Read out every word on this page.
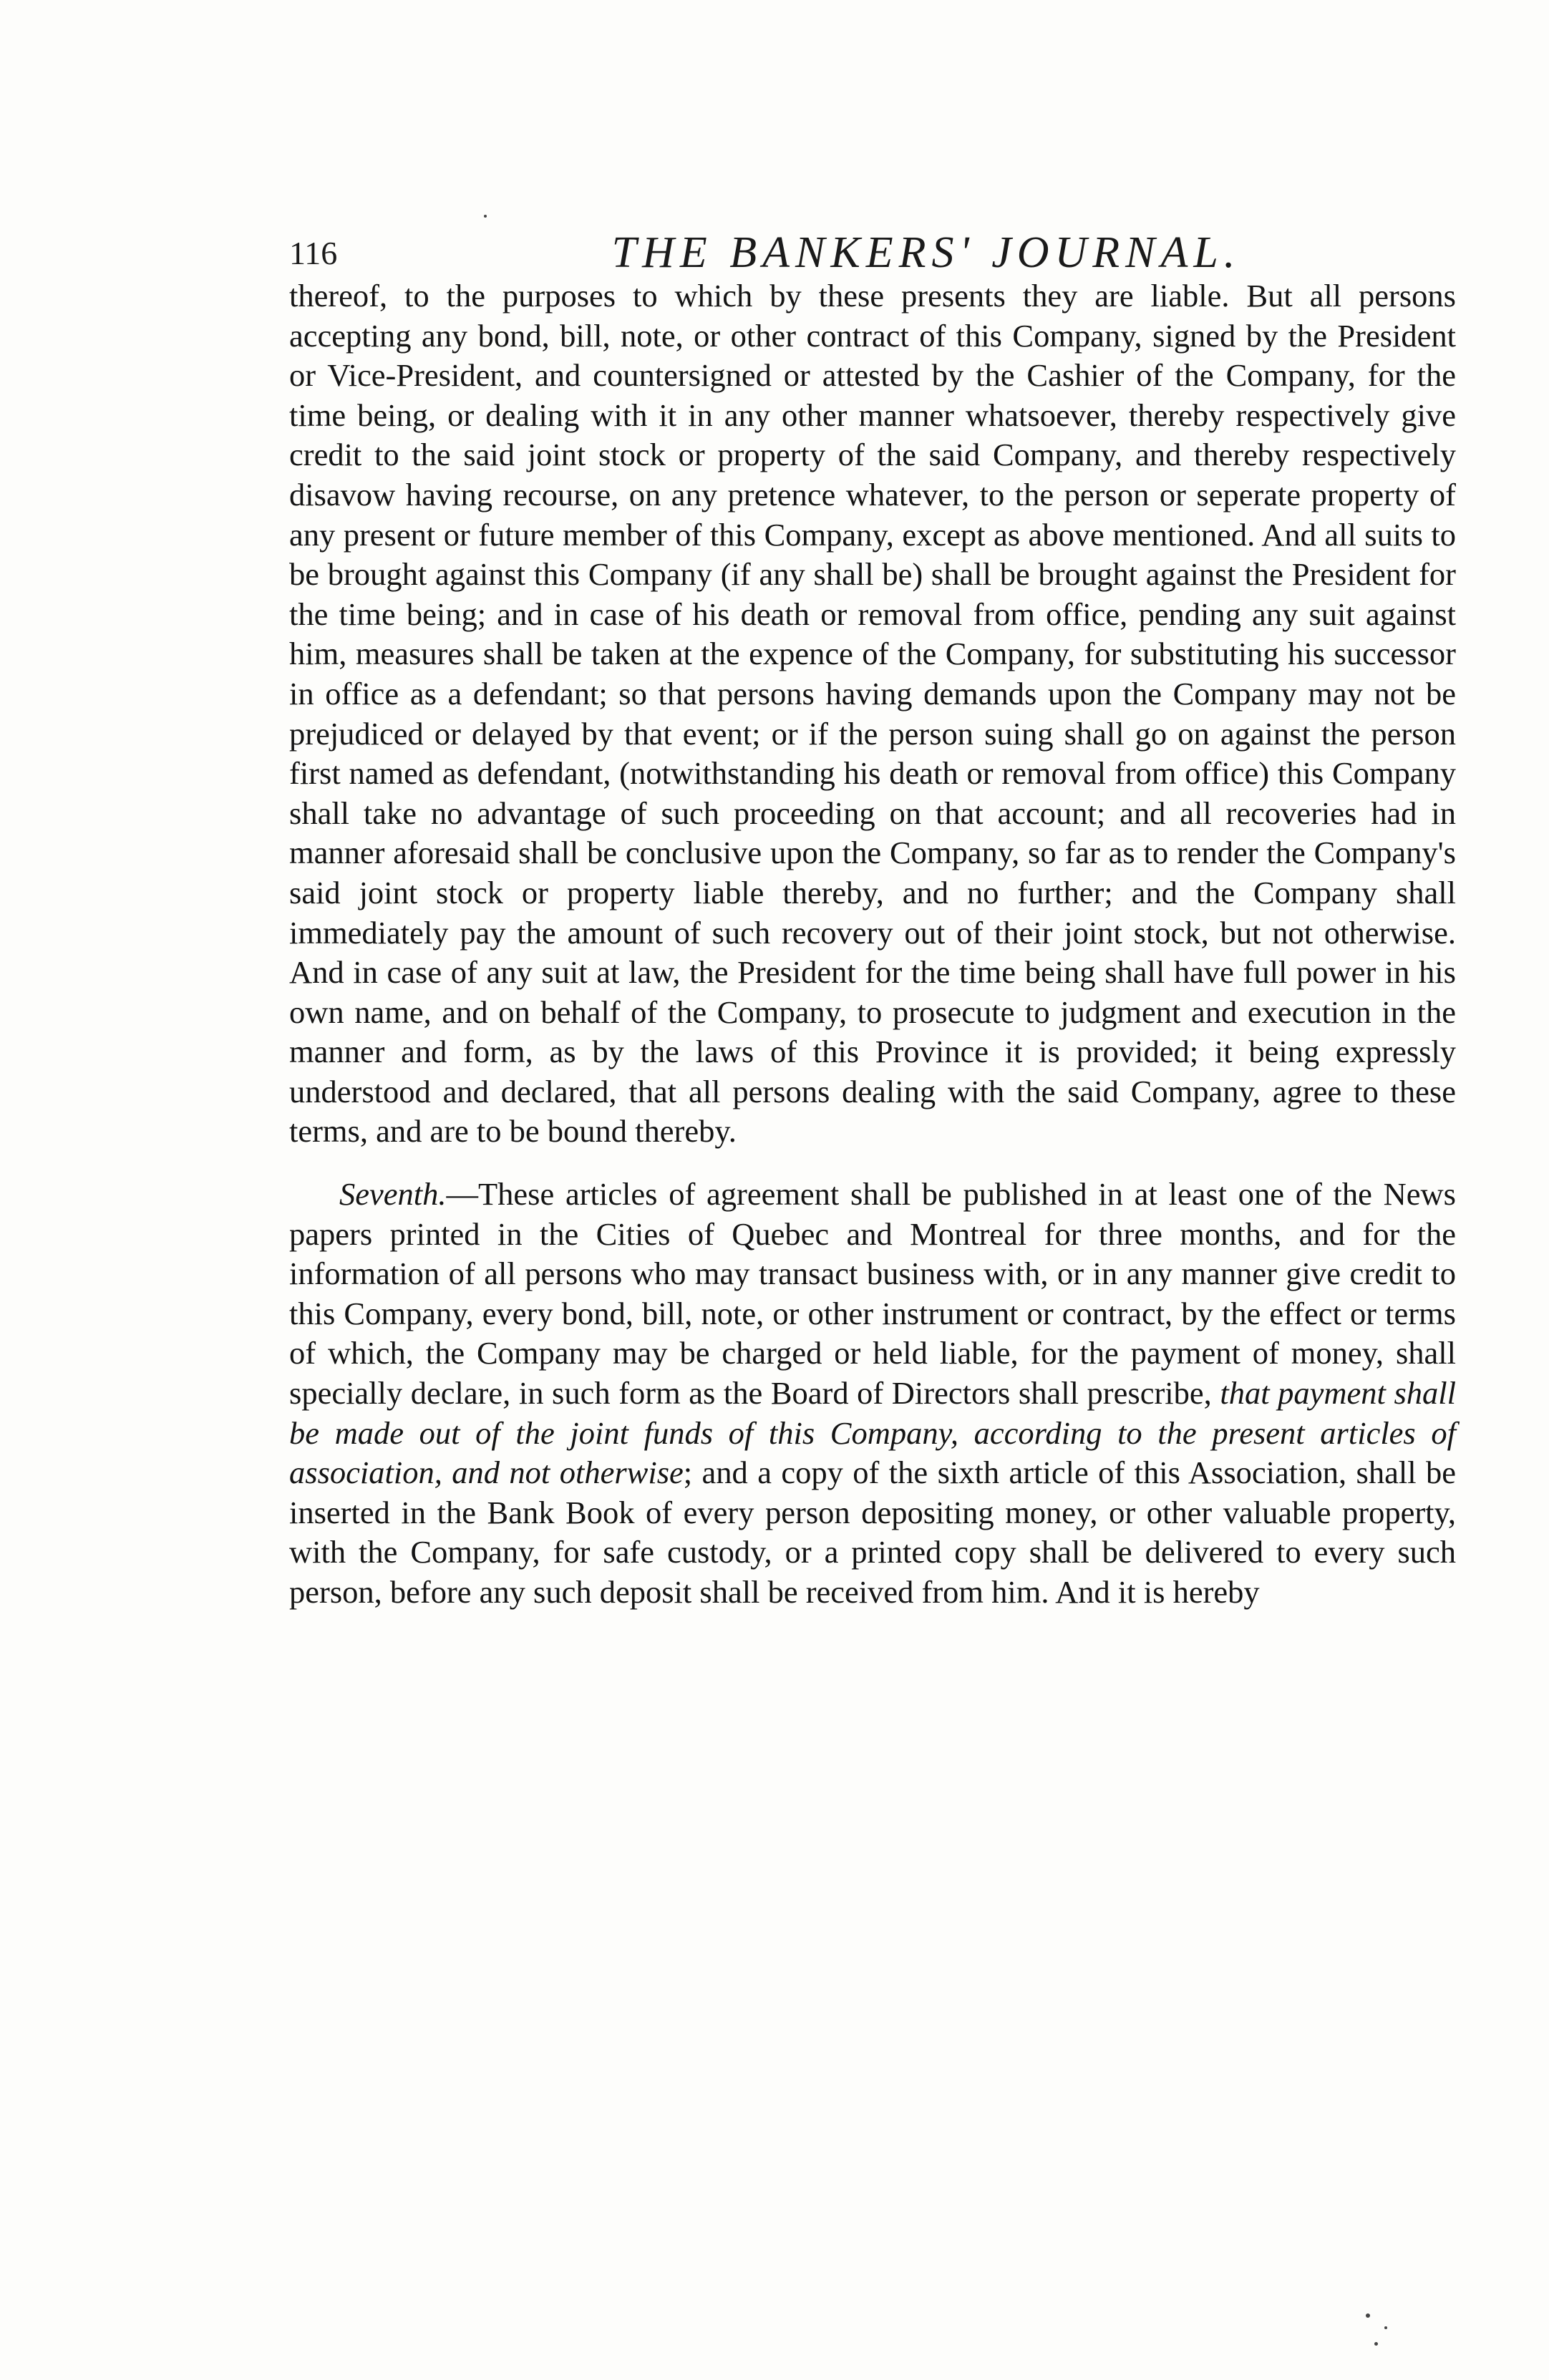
116	THE BANKERS' JOURNAL.

thereof, to the purposes to which by these presents they are liable. But all persons accepting any bond, bill, note, or other contract of this Company, signed by the President or Vice-President, and countersigned or attested by the Cashier of the Company, for the time being, or dealing with it in any other manner whatsoever, thereby respectively give credit to the said joint stock or property of the said Company, and thereby respectively disavow having recourse, on any pretence whatever, to the person or seperate property of any present or future member of this Company, except as above mentioned. And all suits to be brought against this Company (if any shall be) shall be brought against the President for the time being; and in case of his death or removal from office, pending any suit against him, measures shall be taken at the expence of the Company, for substituting his successor in office as a defendant; so that persons having demands upon the Company may not be prejudiced or delayed by that event; or if the person suing shall go on against the person first named as defendant, (notwithstanding his death or removal from office) this Company shall take no advantage of such proceeding on that account; and all recoveries had in manner aforesaid shall be conclusive upon the Company, so far as to render the Company's said joint stock or property liable thereby, and no further; and the Company shall immediately pay the amount of such recovery out of their joint stock, but not otherwise. And in case of any suit at law, the President for the time being shall have full power in his own name, and on behalf of the Company, to prosecute to judgment and execution in the manner and form, as by the laws of this Province it is provided; it being expressly understood and declared, that all persons dealing with the said Company, agree to these terms, and are to be bound thereby.

Seventh.—These articles of agreement shall be published in at least one of the News papers printed in the Cities of Quebec and Montreal for three months, and for the information of all persons who may transact business with, or in any manner give credit to this Company, every bond, bill, note, or other instrument or contract, by the effect or terms of which, the Company may be charged or held liable, for the payment of money, shall specially declare, in such form as the Board of Directors shall prescribe, that payment shall be made out of the joint funds of this Company, according to the present articles of association, and not otherwise; and a copy of the sixth article of this Association, shall be inserted in the Bank Book of every person depositing money, or other valuable property, with the Company, for safe custody, or a printed copy shall be delivered to every such person, before any such deposit shall be received from him. And it is hereby
